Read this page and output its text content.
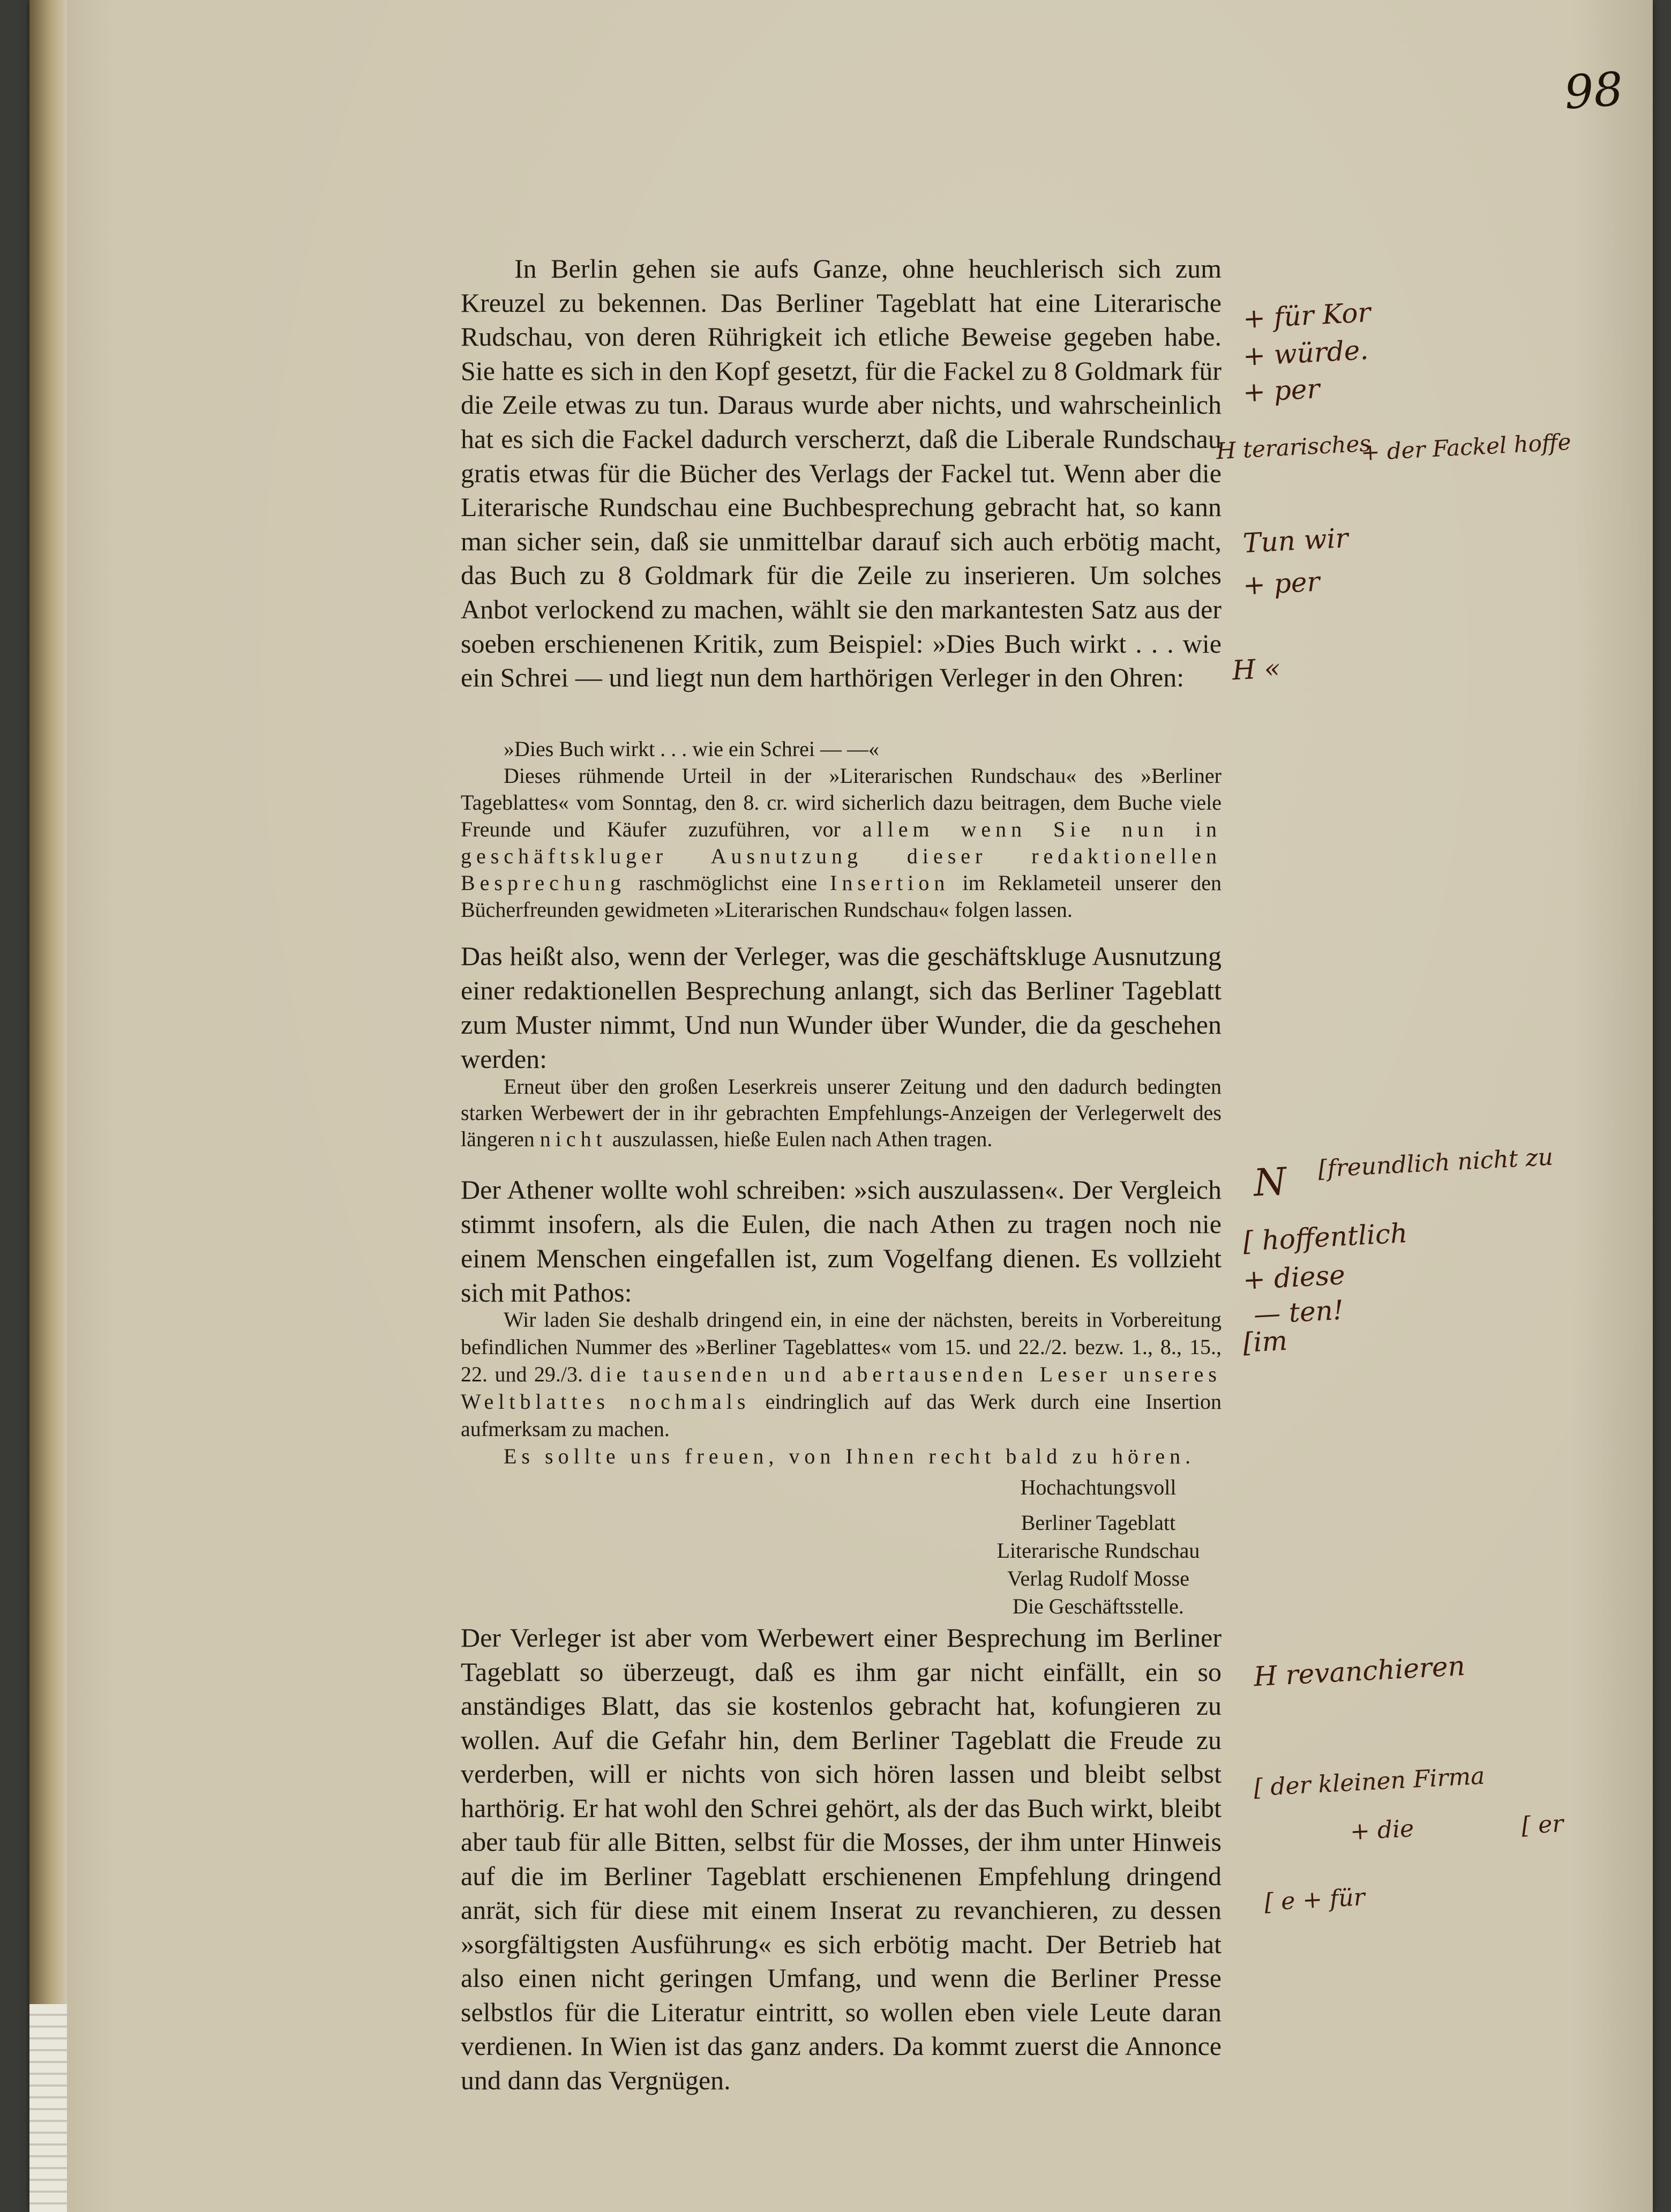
98

In Berlin gehen sie aufs Ganze, ohne heuchlerisch sich zum Kreuzel zu bekennen. Das Berliner Tageblatt hat eine Literarische Rudschau, von deren Rührigkeit ich etliche Beweise gegeben habe. Sie hatte es sich in den Kopf gesetzt, für die Fackel zu 8 Goldmark für die Zeile etwas zu tun. Daraus wurde aber nichts, und wahrscheinlich hat es sich die Fackel dadurch verscherzt, daß die Liberale Rundschau gratis etwas für die Bücher des Verlags der Fackel tut. Wenn aber die Literarische Rundschau eine Buchbesprechung gebracht hat, so kann man sicher sein, daß sie unmittelbar darauf sich auch erbötig macht, das Buch zu 8 Goldmark für die Zeile zu inserieren. Um solches Anbot verlockend zu machen, wählt sie den markantesten Satz aus der soeben erschienenen Kritik, zum Beispiel: »Dies Buch wirkt . . . wie ein Schrei — und liegt nun dem harthörigen Verleger in den Ohren:

»Dies Buch wirkt . . . wie ein Schrei — —«
Dieses rühmende Urteil in der »Literarischen Rundschau« des »Berliner Tageblattes« vom Sonntag, den 8. cr. wird sicherlich dazu beitragen, dem Buche viele Freunde und Käufer zuzuführen, vor allem wenn Sie nun in geschäftskluger Ausnutzung dieser redaktionellen Besprechung raschmöglichst eine Insertion im Reklameteil unserer den Bücherfreunden gewidmeten »Literarischen Rundschau« folgen lassen.

Das heißt also, wenn der Verleger, was die geschäftskluge Ausnutzung einer redaktionellen Besprechung anlangt, sich das Berliner Tageblatt zum Muster nimmt, Und nun Wunder über Wunder, die da geschehen werden:

Erneut über den großen Leserkreis unserer Zeitung und den dadurch bedingten starken Werbewert der in ihr gebrachten Empfehlungs-Anzeigen der Verlegerwelt des längeren nicht auszulassen, hieße Eulen nach Athen tragen.

Der Athener wollte wohl schreiben: »sich auszulassen«. Der Vergleich stimmt insofern, als die Eulen, die nach Athen zu tragen noch nie einem Menschen eingefallen ist, zum Vogelfang dienen. Es vollzieht sich mit Pathos:

Wir laden Sie deshalb dringend ein, in eine der nächsten, bereits in Vorbereitung befindlichen Nummer des »Berliner Tageblattes« vom 15. und 22./2. bezw. 1., 8., 15., 22. und 29./3. die tausenden und abertausenden Leser unseres Weltblattes nochmals eindringlich auf das Werk durch eine Insertion aufmerksam zu machen.
Es sollte uns freuen, von Ihnen recht bald zu hören.
Hochachtungsvoll
Berliner Tageblatt
Literarische Rundschau
Verlag Rudolf Mosse
Die Geschäftsstelle.

Der Verleger ist aber vom Werbewert einer Besprechung im Berliner Tageblatt so überzeugt, daß es ihm gar nicht einfällt, ein so anständiges Blatt, das sie kostenlos gebracht hat, kofungieren zu wollen. Auf die Gefahr hin, dem Berliner Tageblatt die Freude zu verderben, will er nichts von sich hören lassen und bleibt selbst harthörig. Er hat wohl den Schrei gehört, als der das Buch wirkt, bleibt aber taub für alle Bitten, selbst für die Mosses, der ihm unter Hinweis auf die im Berliner Tageblatt erschienenen Empfehlung dringend anrät, sich für diese mit einem Inserat zu revanchieren, zu dessen »sorgfältigsten Ausführung« es sich erbötig macht. Der Betrieb hat also einen nicht geringen Umfang, und wenn die Berliner Presse selbstlos für die Literatur eintritt, so wollen eben viele Leute daran verdienen. In Wien ist das ganz anders. Da kommt zuerst die Annonce und dann das Vergnügen.

+ für Kor
+ würde.
+ per
H terarisches
+ der Fackel hoffe
Tun wir
+ per
H «
N [freundlich nicht zu
[ hoffentlich
+ diese
— ten!
[im
H revanchieren
[ der kleinen Firma
+ die	[ er
[ e + für
